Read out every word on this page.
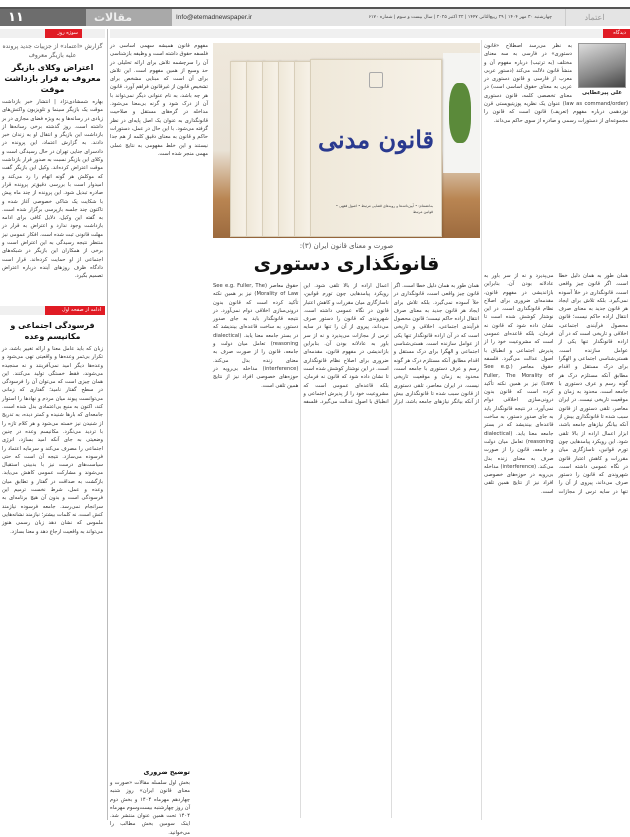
۱۱	مقالات	Info@etemadnewspaper.ir	چهارشنبه ۳۰ مهر ۱۴۰۴ | ۲۹ ربیع‌الثانی ۱۴۴۷ | ۲۲ اکتبر ۲۰۲۵ | سال بیست و سوم | شماره ۶۱۷۰	اعتماد
سوژه روز	دیدگاه
گزارش «اعتماد» از جزییات جدید پرونده علیه بازیگر معروف
اعتراض وکلای بازیگر معروف به قرار بازداشت موقت
بهاره شمشادی‌نژاد | انتشار خبر بازداشت موقت یک بازیگر سینما و تلویزیون واکنش‌های زیادی در رسانه‌ها و به ویژه فضای مجازی در بر داشته است. روز گذشته برخی رسانه‌ها از بازداشت این بازیگر و انتقال او به زندان خبر دادند. به گزارش اعتماد، این پرونده در دادسرای جنایی تهران در حال رسیدگی است و وکلای این بازیگر نسبت به صدور قرار بازداشت موقت اعتراض کرده‌اند. وکیل این بازیگر گفت که موکلش هر گونه اتهام را رد می‌کند و امیدوار است با بررسی دقیق‌تر پرونده قرار صادره تبدیل شود. این پرونده از چند ماه پیش با شکایت یک شاکی خصوصی آغاز شده و تاکنون چند جلسه بازپرسی برگزار شده است. به گفته این وکیل، دلایل کافی برای ادامه بازداشت وجود ندارد و اعتراض به قرار در مهلت قانونی ثبت شده است. افکار عمومی نیز منتظر نتیجه رسیدگی به این اعتراض است و برخی از همکاران این بازیگر در شبکه‌های اجتماعی از او حمایت کرده‌اند. قرار است دادگاه ظرف روزهای آینده درباره اعتراض تصمیم بگیرد.
ادامه از صفحه اول
فرسودگی اجتماعی و مکانیسم وعده
زبان که باید عامل معنا و ارائه تغییر باشد، در تکرار بی‌ثمر وعده‌ها و واقعیتی تهی می‌شود و وعده‌ها دیگر امید نمی‌آفرینند و نه سنجیده می‌شوند، فقط خستگی تولید می‌کنند. این همان چیزی است که می‌توان آن را فرسودگی در سطح گفتار نامید؛ گفتاری که زمانی می‌توانست پیوند میان مردم و نهادها را استوار کند، اکنون به منبع بی‌اعتمادی بدل شده است. جامعه‌ای که بارها شنیده و کمتر دیده، به تدریج از شنیدن نیز خسته می‌شود و هر کلام تازه را با تردید می‌نگرد. مکانیسم وعده در چنین وضعیتی به جای آنکه امید بسازد، انرژی اجتماعی را مصرف می‌کند و سرمایه اعتماد را فرسوده می‌سازد. نتیجه آن است که حتی سیاست‌های درست نیز با بدبینی استقبال می‌شوند و مشارکت عمومی کاهش می‌یابد. بازگشت به صداقت در گفتار و تطابق میان وعده و عمل، شرط نخست ترمیم این فرسودگی است و بدون آن هیچ برنامه‌ای به سرانجام نمی‌رسد. جامعه فرسوده نیازمند کنش است، نه کلمات بیشتر؛ نیازمند نشانه‌هایی ملموس که نشان دهد زبان رسمی هنوز می‌تواند به واقعیت ارجاع دهد و معنا بسازد.
مفهوم قانون همیشه سهمی اساسی در فلسفه حقوق داشته است و وظیفه بازشناسی آن را سرچشمه تلاش برای ارائه تحلیلی در حد وسیع از همین مفهوم است. این تلاش برای آن است که مبنایی مشخص برای تشخیص قانون از غیرقانون فراهم آورد. قانون هر چه باشد، به نام عنوانی دیگر نمی‌تواند با آن از درک شود و گرنه بی‌معنا می‌شود. مداخله در گره‌های مستقل و صلاحیت قانونگذاری به عنوان یک اصل پایه‌ای در نظر گرفته می‌شود. با این حال در عمل، دستورات حاکم و قانون به معنای دقیق کلمه از هم جدا نیستند و این خلط مفهومی به نتایج عملی مهمی منجر شده است.
توضیح ضروری
بخش اول سلسله مقالات «صورت و معنای قانون ایران» روز شنبه چهاردهم مهرماه ۱۴۰۴ و بخش دوم آن روز چهارشنبه بیست‌وسوم مهرماه ۱۴۰۴ تحت همین عنوان منتشر شد. اینک سومین بخش مطالب را می‌خوانید.
قانون مدنی
به‌انضمام: • آیین‌نامه‌ها و رویه‌های قضایی مرتبط • اصول فقهی • قوانین مرتبط
صورت و معنای قانون ایران (۳):
قانونگذاری دستوری
علی پیرعطایی
به نظر می‌رسد اصطلاح «قانون دستوری» در فارسی به سه معنای مختلف (به ترتیب) درباره مفهوم آن و منشأ قانون دلالت می‌کند (دستور عربی معرب از فارسی و قانون دستوری در عربی به معنای حقوق اساسی است) در معنای تخصصی کلمه، قانون دستوری (law as command/order) عنوان یک نظریه پوزیتیویستی قرن نوزدهمی درباره مفهوم (تعریف) قانون است که قانون را مجموعه‌ای از دستورات رسمی و صادره از سوی حاکم می‌داند.
همان طور به همان دلیل خطا است. اگر قانون چیز واقعی است، قانونگذاری در خلأ آسوده نمی‌گیرد. بلکه تلاش برای ایجاد هر قانون جدید به معنای صرف انتقال اراده حاکم نیست؛ قانون محصول فرآیندی اجتماعی، اخلاقی و تاریخی است که در آن اراده قانونگذار تنها یکی از عوامل سازنده است. هستی‌شناسی اجتماعی و الهگرا برای درک مستقل و اقدام مطابق آنکه مستلزم درک هر گونه رسم و عرف دستوری با جامعه است، محدود به زمان و موقعیت تاریخی نیست. در ایران معاصر، تلقی دستوری از قانون سبب شده تا قانونگذاری بیش از آنکه بیانگر نیازهای جامعه باشد، ابزار اعمال اراده از بالا تلقی شود. این رویکرد پیامدهایی چون تورم قوانین، ناسازگاری میان مقررات و کاهش اعتبار قانون در نگاه عمومی داشته است. شهروندی که قانون را دستور صرف می‌داند، پیروی از آن را تنها در سایه ترس از مجازات می‌پذیرد و نه از سر باور به عادلانه بودن آن. بنابراین بازاندیشی در مفهوم قانون، مقدمه‌ای ضروری برای اصلاح نظام قانونگذاری است. در این نوشتار کوشش شده است تا نشان داده شود که قانون نه فرمان، بلکه قاعده‌ای عمومی است که مشروعیت خود را از پذیرش اجتماعی و انطباق با اصول عدالت می‌گیرد. فلسفه حقوق معاصر (See e.g. Fuller, The Morality of Law) نیز بر همین نکته تأکید کرده است که قانون بدون درونی‌سازی اخلاقی دوام نمی‌آورد. در نتیجه قانونگذار باید به جای صدور دستور، به ساخت قاعده‌ای بیندیشد که در بستر جامعه معنا یابد. (dialectical reasoning) تعامل میان دولت و جامعه، قانون را از صورت صرف به معنای زنده بدل می‌کند. (interference) مداخله بی‌رویه در حوزه‌های خصوصی افراد نیز از نتایج همین تلقی است.
همان طور به همان دلیل خطا است. اگر قانون چیز واقعی است، قانونگذاری در خلأ آسوده نمی‌گیرد. بلکه تلاش برای ایجاد هر قانون جدید به معنای صرف انتقال اراده حاکم نیست؛ قانون محصول فرآیندی اجتماعی، اخلاقی و تاریخی است که در آن اراده قانونگذار تنها یکی از عوامل سازنده است. هستی‌شناسی اجتماعی و الهگرا برای درک مستقل و اقدام مطابق آنکه مستلزم درک هر گونه رسم و عرف دستوری با جامعه است، محدود به زمان و موقعیت تاریخی نیست. در ایران معاصر، تلقی دستوری از قانون سبب شده تا قانونگذاری بیش از آنکه بیانگر نیازهای جامعه باشد، ابزار اعمال اراده از بالا تلقی شود. این رویکرد پیامدهایی چون تورم قوانین، ناسازگاری میان مقررات و کاهش اعتبار قانون در نگاه عمومی داشته است. شهروندی که قانون را دستور صرف می‌داند، پیروی از آن را تنها در سایه ترس از مجازات می‌پذیرد و نه از سر باور به عادلانه بودن آن. بنابراین بازاندیشی در مفهوم قانون، مقدمه‌ای ضروری برای اصلاح نظام قانونگذاری است. در این نوشتار کوشش شده است تا نشان داده شود که قانون نه فرمان، بلکه قاعده‌ای عمومی است که مشروعیت خود را از پذیرش اجتماعی و انطباق با اصول عدالت می‌گیرد. فلسفه حقوق معاصر (See e.g. Fuller, The Morality of Law) نیز بر همین نکته تأکید کرده است که قانون بدون درونی‌سازی اخلاقی دوام نمی‌آورد. در نتیجه قانونگذار باید به جای صدور دستور، به ساخت قاعده‌ای بیندیشد که در بستر جامعه معنا یابد. (dialectical reasoning) تعامل میان دولت و جامعه، قانون را از صورت صرف به معنای زنده بدل می‌کند. (interference) مداخله بی‌رویه در حوزه‌های خصوصی افراد نیز از نتایج همین تلقی است.
